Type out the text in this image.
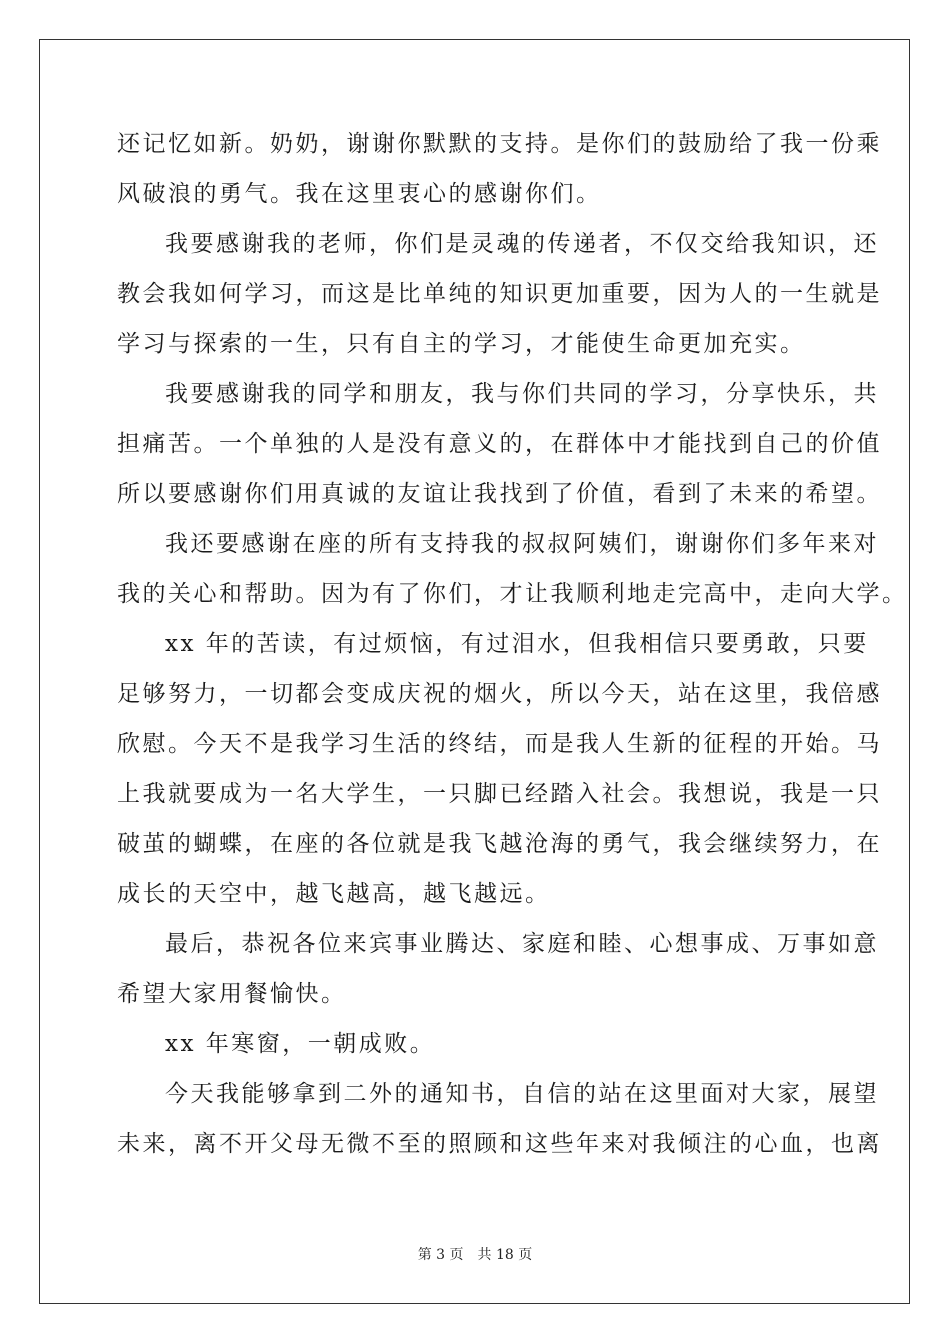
还记忆如新。奶奶，谢谢你默默的支持。是你们的鼓励给了我一份乘
风破浪的勇气。我在这里衷心的感谢你们。
我要感谢我的老师，你们是灵魂的传递者，不仅交给我知识，还
教会我如何学习，而这是比单纯的知识更加重要，因为人的一生就是
学习与探索的一生，只有自主的学习，才能使生命更加充实。
我要感谢我的同学和朋友，我与你们共同的学习，分享快乐，共
担痛苦。一个单独的人是没有意义的，在群体中才能找到自己的价值
所以要感谢你们用真诚的友谊让我找到了价值，看到了未来的希望。
我还要感谢在座的所有支持我的叔叔阿姨们，谢谢你们多年来对
我的关心和帮助。因为有了你们，才让我顺利地走完高中，走向大学。
xx 年的苦读，有过烦恼，有过泪水，但我相信只要勇敢，只要
足够努力，一切都会变成庆祝的烟火，所以今天，站在这里，我倍感
欣慰。今天不是我学习生活的终结，而是我人生新的征程的开始。马
上我就要成为一名大学生，一只脚已经踏入社会。我想说，我是一只
破茧的蝴蝶，在座的各位就是我飞越沧海的勇气，我会继续努力，在
成长的天空中，越飞越高，越飞越远。
最后，恭祝各位来宾事业腾达、家庭和睦、心想事成、万事如意
希望大家用餐愉快。
xx 年寒窗，一朝成败。
今天我能够拿到二外的通知书，自信的站在这里面对大家，展望
未来，离不开父母无微不至的照顾和这些年来对我倾注的心血，也离
第 3 页 共 18 页
